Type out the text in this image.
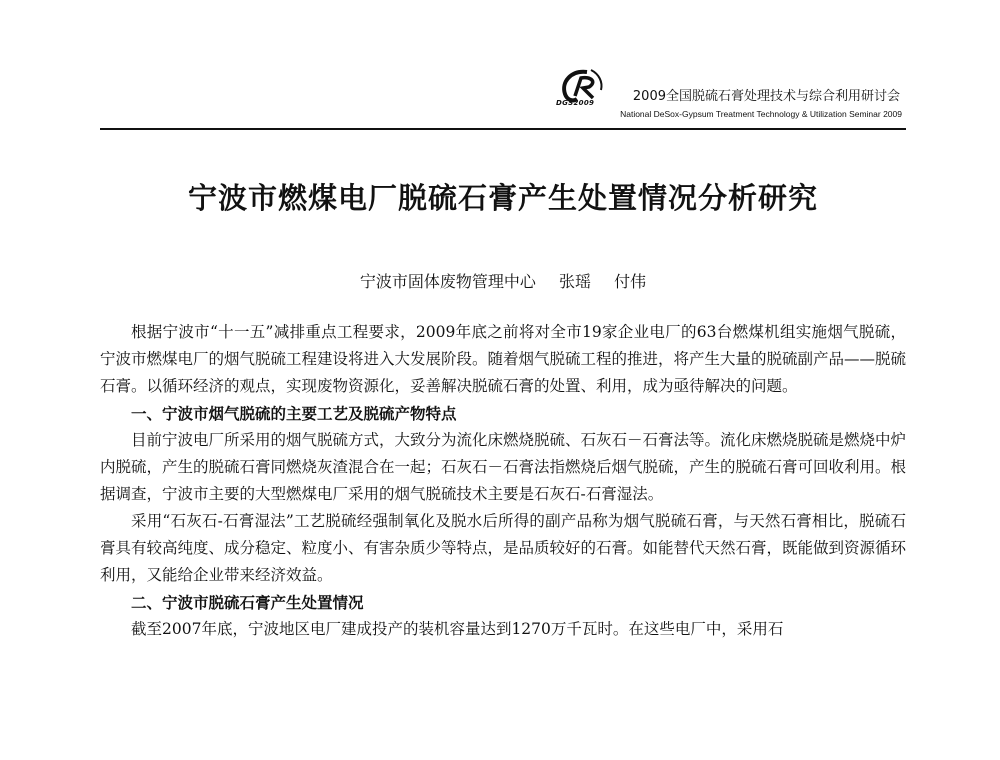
DGS2009	2009全国脱硫石膏处理技术与综合利用研讨会
National DeSox-Gypsum Treatment Technology & Utilization Seminar 2009
宁波市燃煤电厂脱硫石膏产生处置情况分析研究
宁波市固体废物管理中心 张瑶 付伟

根据宁波市“十一五”减排重点工程要求，2009年底之前将对全市19家企业电厂的63台燃煤机组实施烟气脱硫，宁波市燃煤电厂的烟气脱硫工程建设将进入大发展阶段。随着烟气脱硫工程的推进，将产生大量的脱硫副产品——脱硫石膏。以循环经济的观点，实现废物资源化，妥善解决脱硫石膏的处置、利用，成为亟待解决的问题。

一、宁波市烟气脱硫的主要工艺及脱硫产物特点

目前宁波电厂所采用的烟气脱硫方式，大致分为流化床燃烧脱硫、石灰石－石膏法等。流化床燃烧脱硫是燃烧中炉内脱硫，产生的脱硫石膏同燃烧灰渣混合在一起；石灰石－石膏法指燃烧后烟气脱硫，产生的脱硫石膏可回收利用。根据调查，宁波市主要的大型燃煤电厂采用的烟气脱硫技术主要是石灰石-石膏湿法。

采用“石灰石-石膏湿法”工艺脱硫经强制氧化及脱水后所得的副产品称为烟气脱硫石膏，与天然石膏相比，脱硫石膏具有较高纯度、成分稳定、粒度小、有害杂质少等特点，是品质较好的石膏。如能替代天然石膏，既能做到资源循环利用，又能给企业带来经济效益。

二、宁波市脱硫石膏产生处置情况

截至2007年底，宁波地区电厂建成投产的装机容量达到1270万千瓦时。在这些电厂中，采用石
